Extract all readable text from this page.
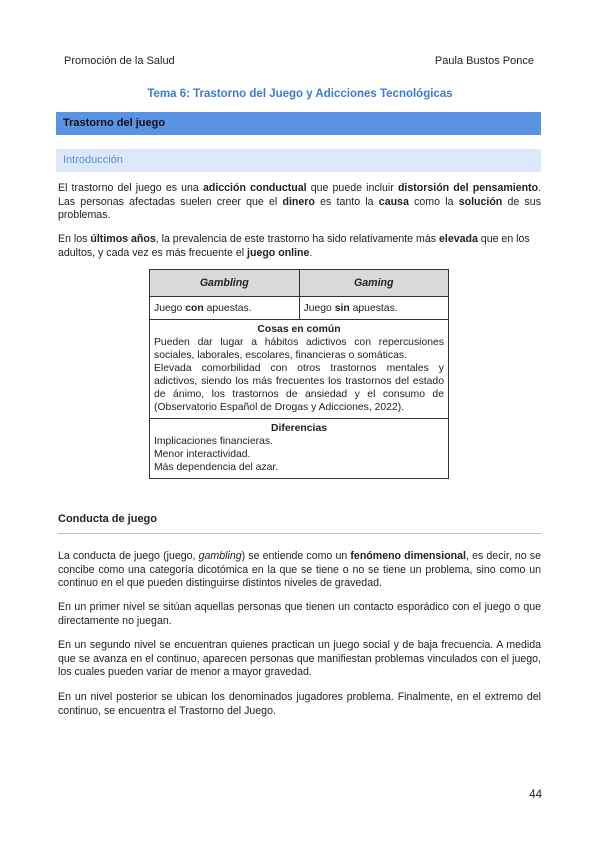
Promoción de la Salud	Paula Bustos Ponce
Tema 6: Trastorno del Juego y Adicciones Tecnológicas
Trastorno del juego
Introducción

El trastorno del juego es una adicción conductual que puede incluir distorsión del pensamiento. Las personas afectadas suelen creer que el dinero es tanto la causa como la solución de sus problemas.

En los últimos años, la prevalencia de este trastorno ha sido relativamente más elevada que en los adultos, y cada vez es más frecuente el juego online.

Gambling	Gaming
Juego con apuestas.	Juego sin apuestas.

Cosas en común
Pueden dar lugar a hábitos adictivos con repercusiones sociales, laborales, escolares, financieras o somáticas.
Elevada comorbilidad con otros trastornos mentales y adictivos, siendo los más frecuentes los trastornos del estado de ánimo, los trastornos de ansiedad y el consumo de (Observatorio Español de Drogas y Adicciones, 2022).	

Diferencias
Implicaciones financieras.
Menor interactividad.
Más dependencia del azar.	
Conducta de juego

La conducta de juego (juego, gambling) se entiende como un fenómeno dimensional, es decir, no se concibe como una categoría dicotómica en la que se tiene o no se tiene un problema, sino como un continuo en el que pueden distinguirse distintos niveles de gravedad.

En un primer nivel se sitúan aquellas personas que tienen un contacto esporádico con el juego o que directamente no juegan.

En un segundo nivel se encuentran quienes practican un juego social y de baja frecuencia. A medida que se avanza en el continuo, aparecen personas que manifiestan problemas vinculados con el juego, los cuales pueden variar de menor a mayor gravedad.

En un nivel posterior se ubican los denominados jugadores problema. Finalmente, en el extremo del continuo, se encuentra el Trastorno del Juego.

44
